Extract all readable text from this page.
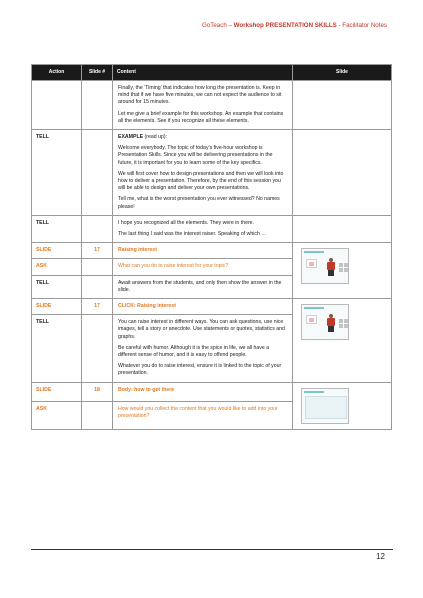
GoTeach – Workshop PRESENTATION SKILLS - Facilitator Notes
Action	Slide #	Content	Slide

		Finally, the ‘Timing’ that indicates how long the presentation is. Keep in mind that if we have five minutes, we can not expect the audience to sit around for 15 minutes.

Let me give a brief example for this workshop. An example that contains all the elements. See if you recognize all these elements.	

TELL		EXAMPLE (read up):

Welcome everybody. The topic of today’s five-hour workshop is Presentation Skills. Since you will be delivering presentations in the future, it is important for you to learn some of the key specifics.

We will first cover how to design presentations and then we will look into how to deliver a presentation. Therefore, by the end of this session you will be able to design and deliver your own presentations.

Tell me, what is the worst presentation you ever witnessed? No names please!	

TELL		I hope you recognized all the elements. They were in there.

The last thing I said was the interest raiser. Speaking of which …	

SLIDE	17	Raising interest	

ASK		What can you do to raise interest for your topic?	
TELL		Await answers from the students, and only then show the answer in the slide.	
SLIDE	17	CLICK: Raising interest	

TELL		You can raise interest in different ways. You can ask questions, use nice images, tell a story or anecdote. Use statements or quotes, statistics and graphs.

Be careful with humor. Although it is the spice in life, we all have a different sense of humor, and it is easy to offend people.

Whatever you do to raise interest, ensure it is linked to the topic of your presentation.	

SLIDE	18	Body: how to get there	

ASK		How would you collect the content that you would like to add into your presentation?	
12
